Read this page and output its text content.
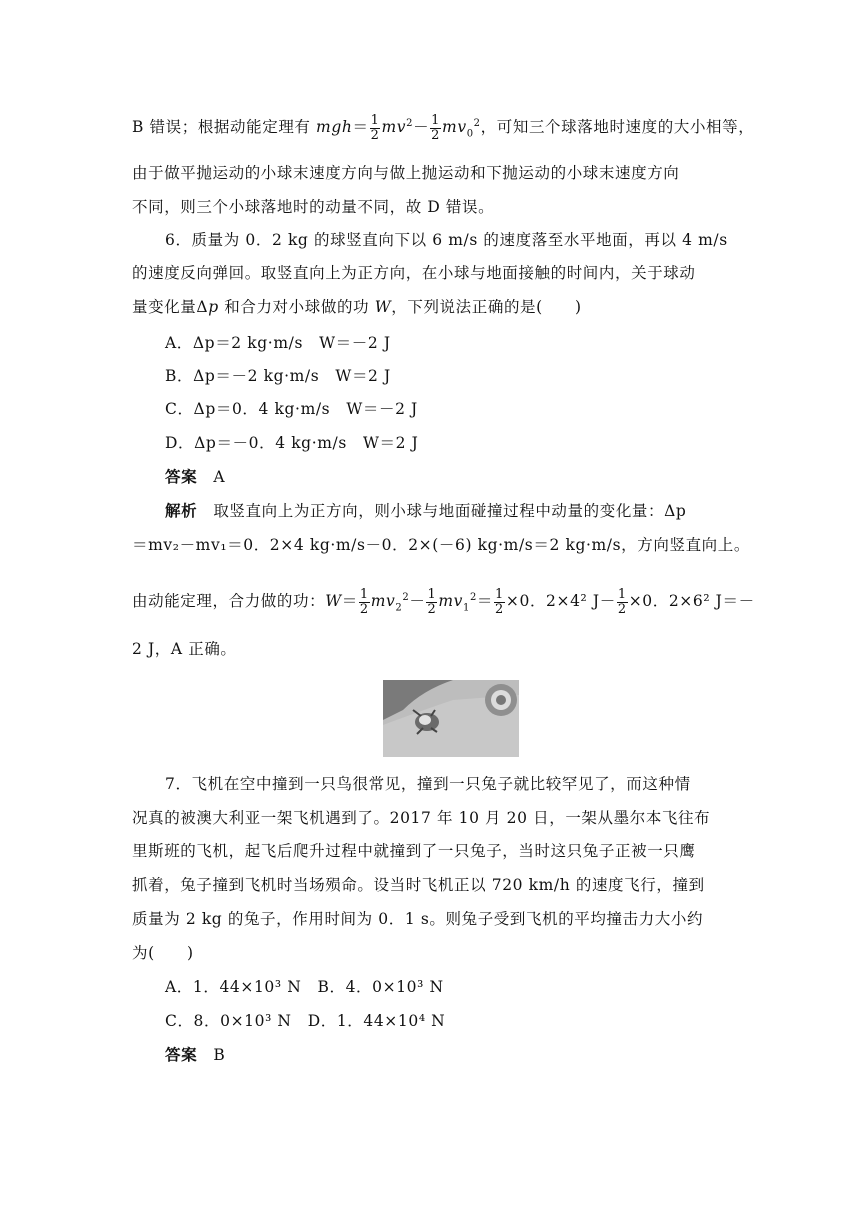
B 错误；根据动能定理有 $mgh= \frac{1}{2} mv^2- \frac{1}{2} mv_0^2$，可知三个球落地时速度的大小相等，
由于做平抛运动的小球末速度方向与做上抛运动和下抛运动的小球末速度方向
不同，则三个小球落地时的动量不同，故 D 错误。
6．质量为 0．2 kg 的球竖直向下以 6 m/s 的速度落至水平地面，再以 4 m/s
的速度反向弹回。取竖直向上为正方向，在小球与地面接触的时间内，关于球动
量变化量Δp 和合力对小球做的功 W，下列说法正确的是(　　)
A．Δp＝2 kg·m/s　W＝－2 J
B．Δp＝－2 kg·m/s　W＝2 J
C．Δp＝0．4 kg·m/s　W＝－2 J
D．Δp＝－0．4 kg·m/s　W＝2 J
答案　 A
解析　 取竖直向上为正方向，则小球与地面碰撞过程中动量的变化量：Δp
＝mv₂－mv₁＝0．2×4 kg·m/s－0．2×(－6) kg·m/s＝2 kg·m/s，方向竖直向上。
由动能定理，合力做的功：$W= \frac{1}{2} mv_2^2- \frac{1}{2} mv_1^2= \frac{1}{2} \times 0$．2×4² $J- \frac{1}{2} \times 0$．2×6² J＝－
2 J，A 正确。
7．飞机在空中撞到一只鸟很常见，撞到一只兔子就比较罕见了，而这种情
况真的被澳大利亚一架飞机遇到了。2017 年 10 月 20 日，一架从墨尔本飞往布
里斯班的飞机，起飞后爬升过程中就撞到了一只兔子，当时这只兔子正被一只鹰
抓着，兔子撞到飞机时当场殒命。设当时飞机正以 720 km/h 的速度飞行，撞到
质量为 2 kg 的兔子，作用时间为 0．1 s。则兔子受到飞机的平均撞击力大小约
为(　　)
A．1．44×10³ N　B．4．0×10³ N
C．8．0×10³ N　D．1．44×10⁴ N
答案　 B
